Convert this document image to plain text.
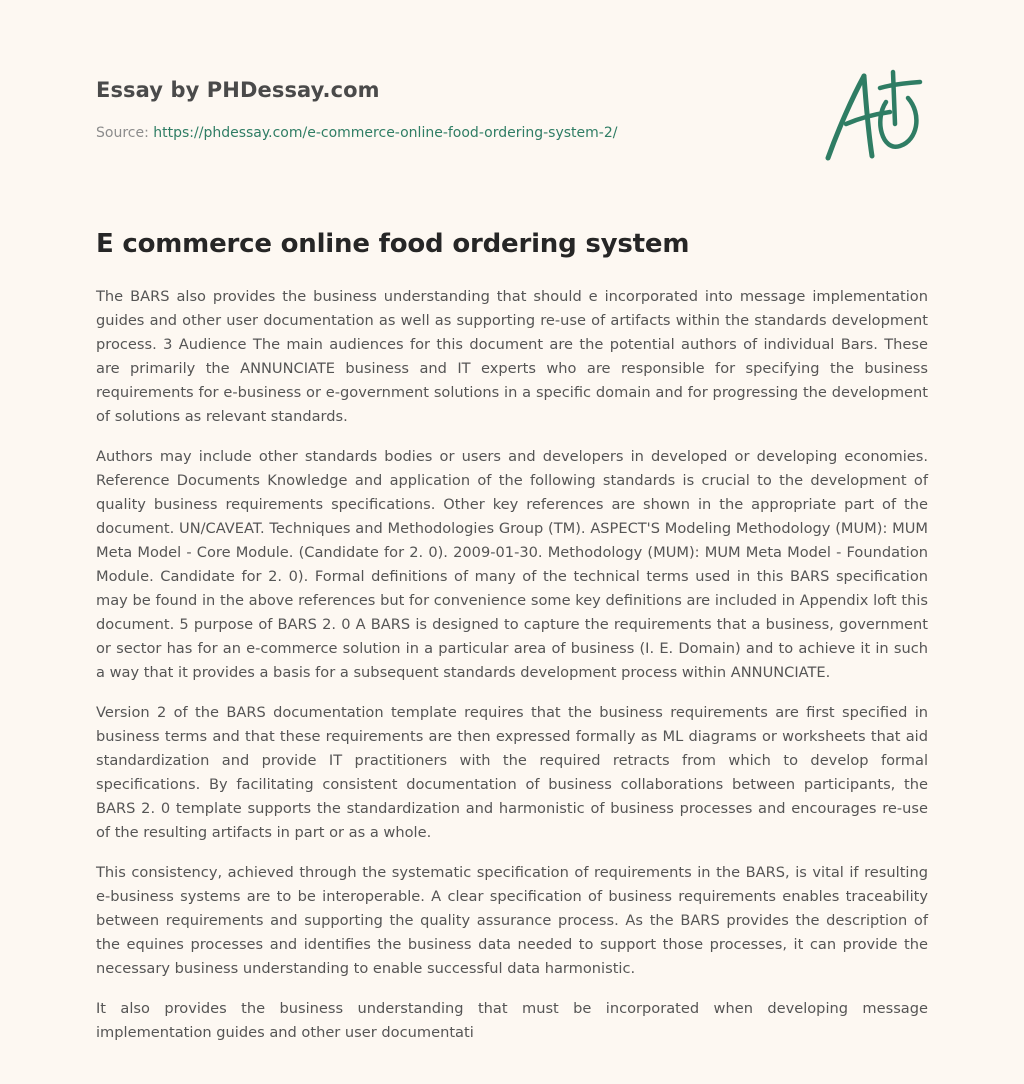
Essay by PHDessay.com
Source: https://phdessay.com/e-commerce-online-food-ordering-system-2/
E commerce online food ordering system

The BARS also provides the business understanding that should e incorporated into message implementation guides and other user documentation as well as supporting re-use of artifacts within the standards development process. 3 Audience The main audiences for this document are the potential authors of individual Bars. These are primarily the ANNUNCIATE business and IT experts who are responsible for specifying the business requirements for e-business or e-government solutions in a specific domain and for progressing the development of solutions as relevant standards.

Authors may include other standards bodies or users and developers in developed or developing economies. Reference Documents Knowledge and application of the following standards is crucial to the development of quality business requirements specifications. Other key references are shown in the appropriate part of the document. UN/CAVEAT. Techniques and Methodologies Group (TM). ASPECT'S Modeling Methodology (MUM): MUM Meta Model - Core Module. (Candidate for 2. 0). 2009-01-30. Methodology (MUM): MUM Meta Model - Foundation Module. Candidate for 2. 0). Formal definitions of many of the technical terms used in this BARS specification may be found in the above references but for convenience some key definitions are included in Appendix loft this document. 5 purpose of BARS 2. 0 A BARS is designed to capture the requirements that a business, government or sector has for an e-commerce solution in a particular area of business (I. E. Domain) and to achieve it in such a way that it provides a basis for a subsequent standards development process within ANNUNCIATE.

Version 2 of the BARS documentation template requires that the business requirements are first specified in business terms and that these requirements are then expressed formally as ML diagrams or worksheets that aid standardization and provide IT practitioners with the required retracts from which to develop formal specifications. By facilitating consistent documentation of business collaborations between participants, the BARS 2. 0 template supports the standardization and harmonistic of business processes and encourages re-use of the resulting artifacts in part or as a whole.

This consistency, achieved through the systematic specification of requirements in the BARS, is vital if resulting e-business systems are to be interoperable. A clear specification of business requirements enables traceability between requirements and supporting the quality assurance process. As the BARS provides the description of the equines processes and identifies the business data needed to support those processes, it can provide the necessary business understanding to enable successful data harmonistic.

It also provides the business understanding that must be incorporated when developing message implementation guides and other user documentati
